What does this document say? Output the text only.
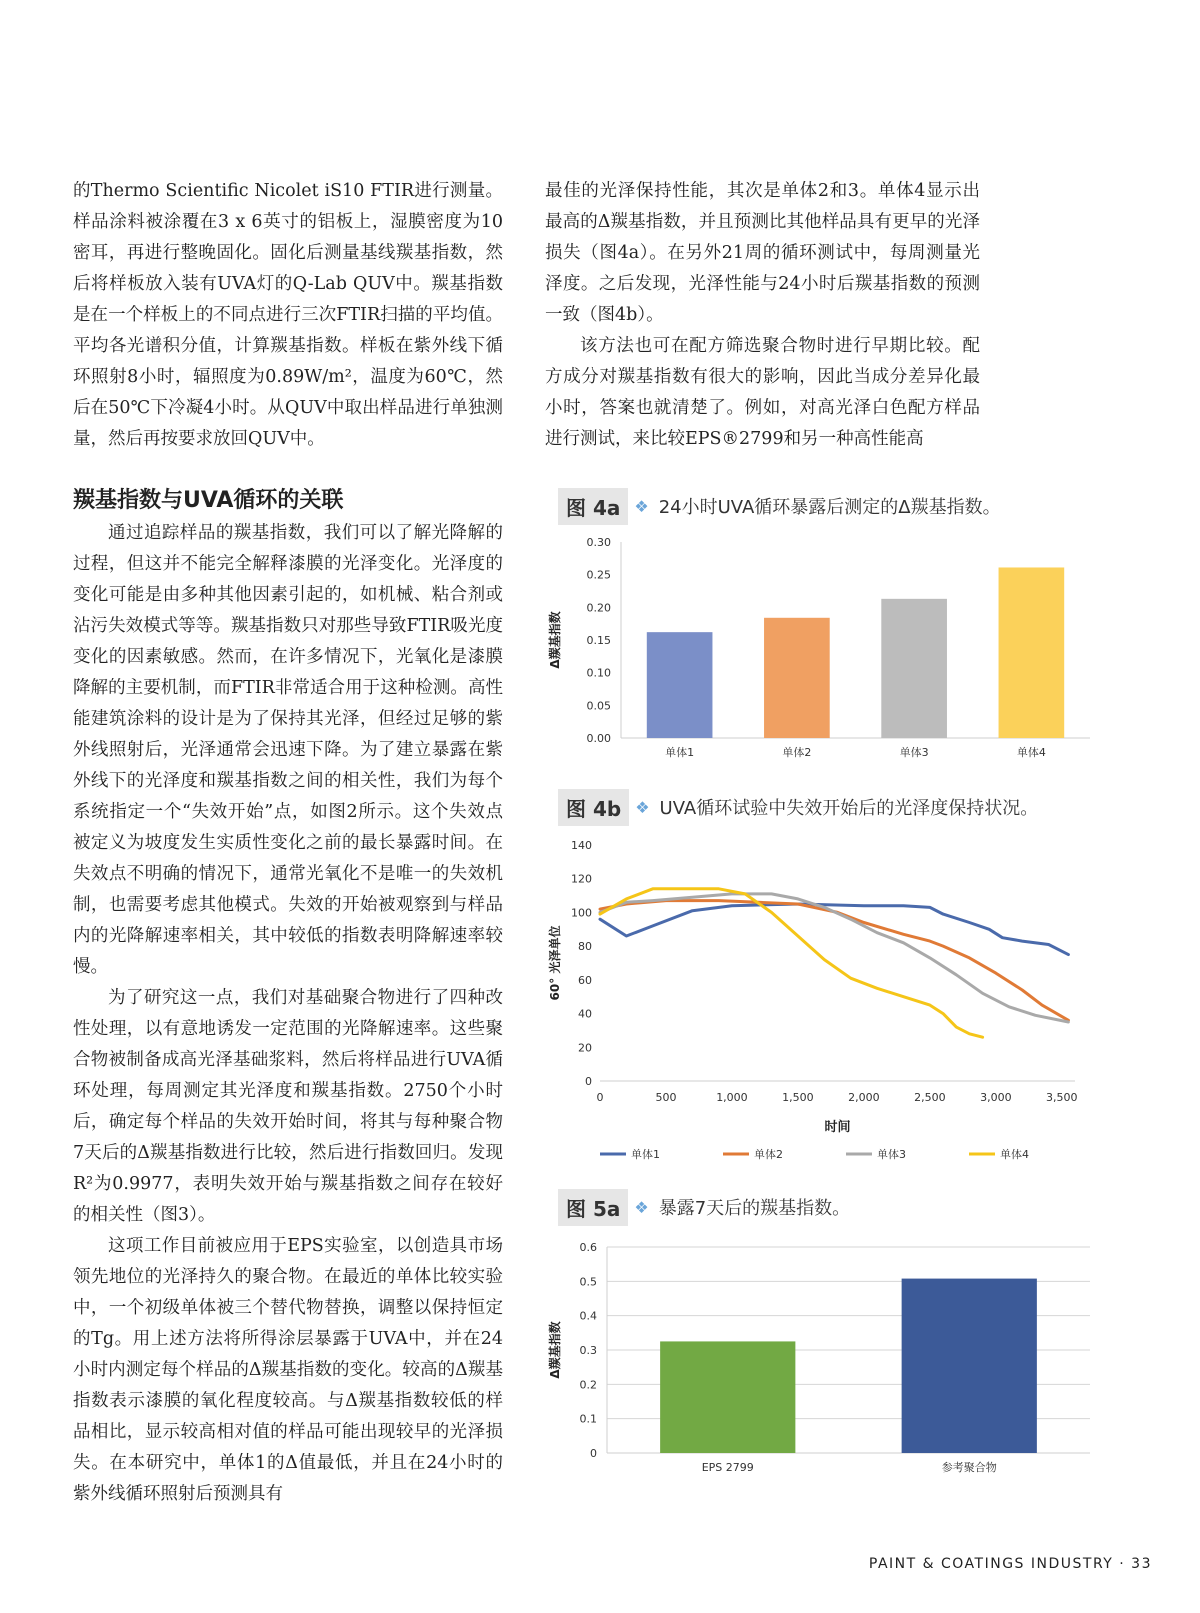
的Thermo Scientific Nicolet iS10 FTIR进行测量。样品涂料被涂覆在3 x 6英寸的铝板上，湿膜密度为10密耳，再进行整晚固化。固化后测量基线羰基指数，然后将样板放入装有UVA灯的Q-Lab QUV中。羰基指数是在一个样板上的不同点进行三次FTIR扫描的平均值。平均各光谱积分值，计算羰基指数。样板在紫外线下循环照射8小时，辐照度为0.89W/m²，温度为60℃，然后在50℃下冷凝4小时。从QUV中取出样品进行单独测量，然后再按要求放回QUV中。

羰基指数与UVA循环的关联

通过追踪样品的羰基指数，我们可以了解光降解的过程，但这并不能完全解释漆膜的光泽变化。光泽度的变化可能是由多种其他因素引起的，如机械、粘合剂或沾污失效模式等等。羰基指数只对那些导致FTIR吸光度变化的因素敏感。然而，在许多情况下，光氧化是漆膜降解的主要机制，而FTIR非常适合用于这种检测。高性能建筑涂料的设计是为了保持其光泽，但经过足够的紫外线照射后，光泽通常会迅速下降。为了建立暴露在紫外线下的光泽度和羰基指数之间的相关性，我们为每个系统指定一个“失效开始”点，如图2所示。这个失效点被定义为坡度发生实质性变化之前的最长暴露时间。在失效点不明确的情况下，通常光氧化不是唯一的失效机制，也需要考虑其他模式。失效的开始被观察到与样品内的光降解速率相关，其中较低的指数表明降解速率较慢。

为了研究这一点，我们对基础聚合物进行了四种改性处理，以有意地诱发一定范围的光降解速率。这些聚合物被制备成高光泽基础浆料，然后将样品进行UVA循环处理，每周测定其光泽度和羰基指数。2750个小时后，确定每个样品的失效开始时间，将其与每种聚合物7天后的Δ羰基指数进行比较，然后进行指数回归。发现R²为0.9977，表明失效开始与羰基指数之间存在较好的相关性（图3）。

这项工作目前被应用于EPS实验室，以创造具市场领先地位的光泽持久的聚合物。在最近的单体比较实验中，一个初级单体被三个替代物替换，调整以保持恒定的Tg。用上述方法将所得涂层暴露于UVA中，并在24小时内测定每个样品的Δ羰基指数的变化。较高的Δ羰基指数表示漆膜的氧化程度较高。与Δ羰基指数较低的样品相比，显示较高相对值的样品可能出现较早的光泽损失。在本研究中，单体1的Δ值最低，并且在24小时的紫外线循环照射后预测具有

最佳的光泽保持性能，其次是单体2和3。单体4显示出最高的Δ羰基指数，并且预测比其他样品具有更早的光泽损失（图4a）。在另外21周的循环测试中，每周测量光泽度。之后发现，光泽性能与24小时后羰基指数的预测一致（图4b）。

该方法也可在配方筛选聚合物时进行早期比较。配方成分对羰基指数有很大的影响，因此当成分差异化最小时，答案也就清楚了。例如，对高光泽白色配方样品进行测试，来比较EPS®2799和另一种高性能高

图 4a ❖ 24小时UVA循环暴露后测定的Δ羰基指数。
0.00
0.05
0.10
0.15
0.20
0.25
0.30
单体1	单体2	单体3	单体4
Δ羰基指数
图 4b ❖ UVA循环试验中失效开始后的光泽度保持状况。
0
20
40
60
80
100
120
140
0	500	1,000	1,500	2,000	2,500	3,000	3,500
时间
60° 光泽单位
单体1	单体2	单体3	单体4
图 5a ❖ 暴露7天后的羰基指数。
0
0.1
0.2
0.3
0.4
0.5
0.6
EPS 2799	参考聚合物
Δ羰基指数
PAINT & COATINGS INDUSTRY · 33
